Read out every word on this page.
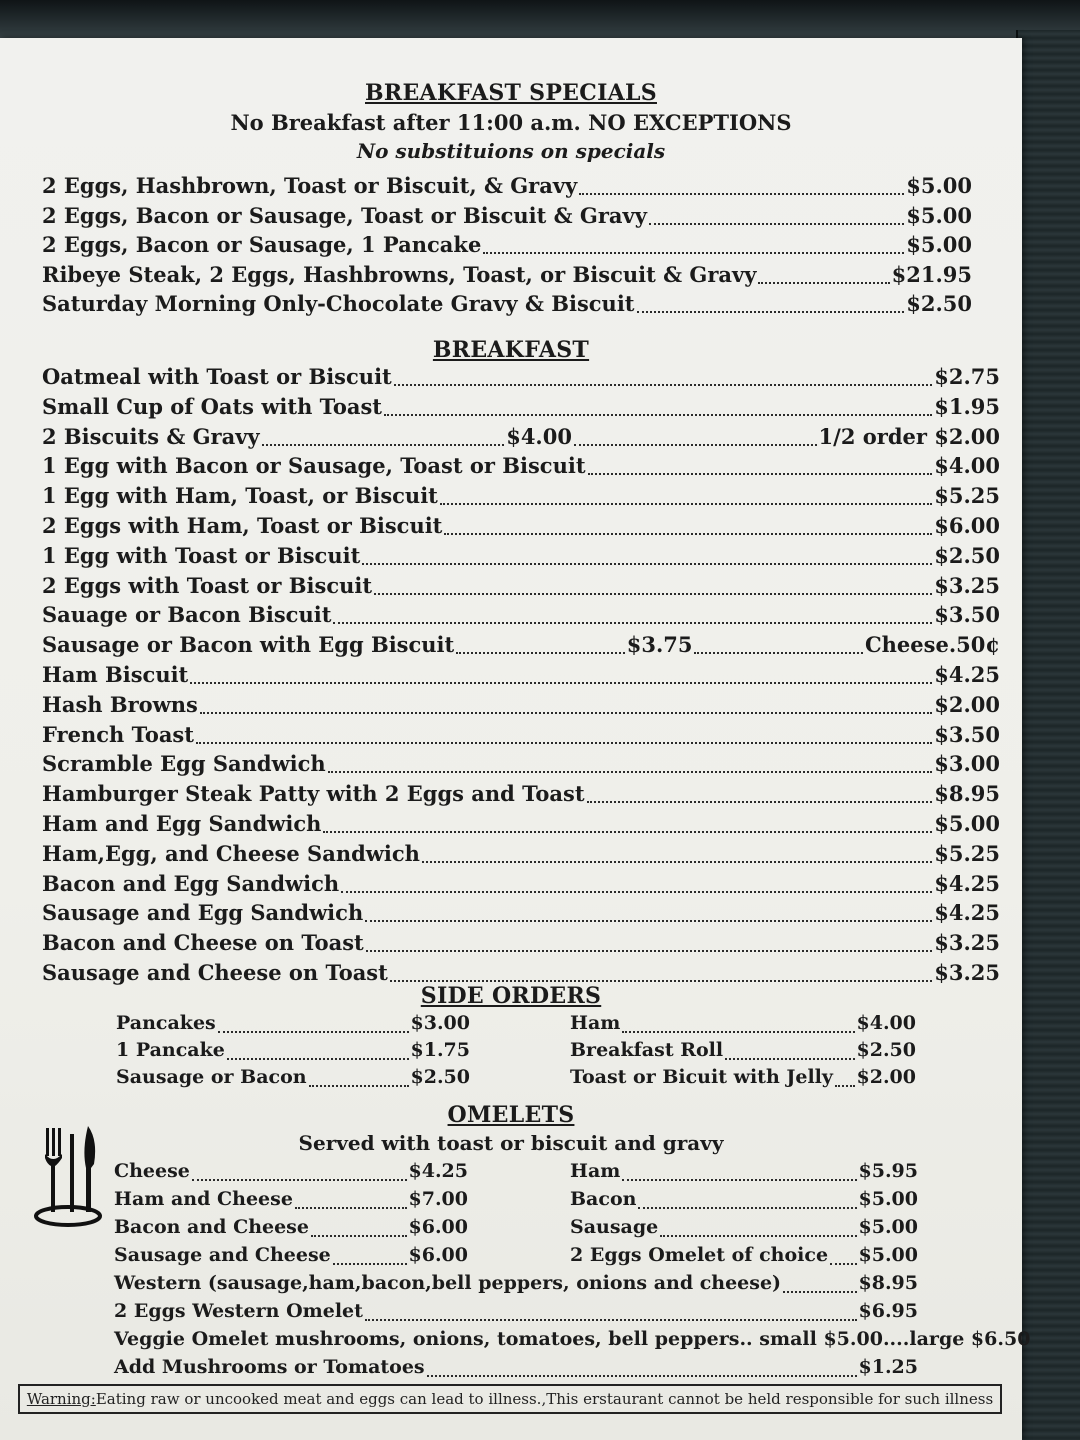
BREAKFAST SPECIALS
No Breakfast after 11:00 a.m. NO EXCEPTIONS
No substituions on specials
2 Eggs, Hashbrown, Toast or Biscuit, & Gravy	$5.00
2 Eggs, Bacon or Sausage, Toast or Biscuit & Gravy	$5.00
2 Eggs, Bacon or Sausage, 1 Pancake	$5.00
Ribeye Steak, 2 Eggs, Hashbrowns, Toast, or Biscuit & Gravy	$21.95
Saturday Morning Only-Chocolate Gravy & Biscuit	$2.50
BREAKFAST
Oatmeal with Toast or Biscuit	$2.75
Small Cup of Oats with Toast	$1.95
2 Biscuits & Gravy	$4.00	1/2 order $2.00
1 Egg with Bacon or Sausage, Toast or Biscuit	$4.00
1 Egg with Ham, Toast, or Biscuit	$5.25
2 Eggs with Ham, Toast or Biscuit	$6.00
1 Egg with Toast or Biscuit	$2.50
2 Eggs with Toast or Biscuit	$3.25
Sauage or Bacon Biscuit	$3.50
Sausage or Bacon with Egg Biscuit	$3.75	Cheese.50¢
Ham Biscuit	$4.25
Hash Browns	$2.00
French Toast	$3.50
Scramble Egg Sandwich	$3.00
Hamburger Steak Patty with 2 Eggs and Toast	$8.95
Ham and Egg Sandwich	$5.00
Ham,Egg, and Cheese Sandwich	$5.25
Bacon and Egg Sandwich	$4.25
Sausage and Egg Sandwich	$4.25
Bacon and Cheese on Toast	$3.25
Sausage and Cheese on Toast	$3.25
SIDE ORDERS
Pancakes	$3.00
1 Pancake	$1.75
Sausage or Bacon	$2.50
Ham	$4.00
Breakfast Roll	$2.50
Toast or Bicuit with Jelly $2.00
OMELETS
Served with toast or biscuit and gravy
Cheese	$4.25
Ham and Cheese	$7.00
Bacon and Cheese	$6.00
Sausage and Cheese	$6.00
Ham	$5.95
Bacon	$5.00
Sausage	$5.00
2 Eggs Omelet of choice $5.00
Western (sausage,ham,bacon,bell peppers, onions and cheese)	$8.95
2 Eggs Western Omelet	$6.95
Veggie Omelet mushrooms, onions, tomatoes, bell peppers.. small $5.00....large $6.50
Add Mushrooms or Tomatoes	$1.25
Warning: Eating raw or uncooked meat and eggs can lead to illness.,This erstaurant cannot be held responsible for such illness
